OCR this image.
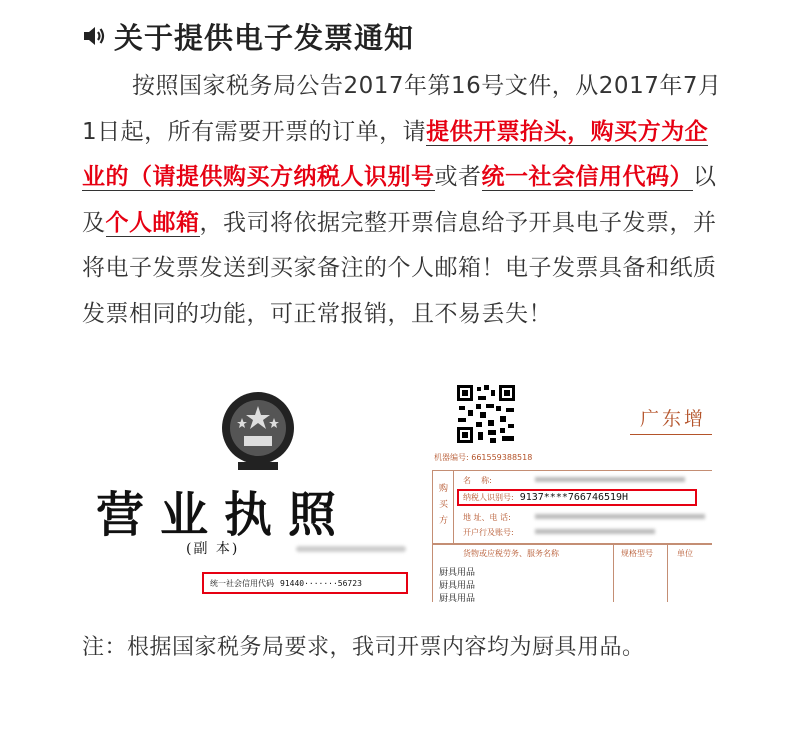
关于提供电子发票通知
按照国家税务局公告2017年第16号文件，从2017年7月1日起，所有需要开票的订单，请提供开票抬头，购买方为企业的（请提供购买方纳税人识别号或者统一社会信用代码）以及个人邮箱，我司将依据完整开票信息给予开具电子发票，并将电子发票发送到买家备注的个人邮箱！电子发票具备和纸质发票相同的功能，可正常报销，且不易丢失！
营业执照
(副 本)
统一社会信用代码 91440·······56723
广东增
机器编号: 661559388518
购买方
名    称:
纳税人识别号: 9137****766746519H
地 址、电 话:
开户行及账号:
货物或应税劳务、服务名称	规格型号	单位
厨具用品
厨具用品
厨具用品
注：根据国家税务局要求，我司开票内容均为厨具用品。
